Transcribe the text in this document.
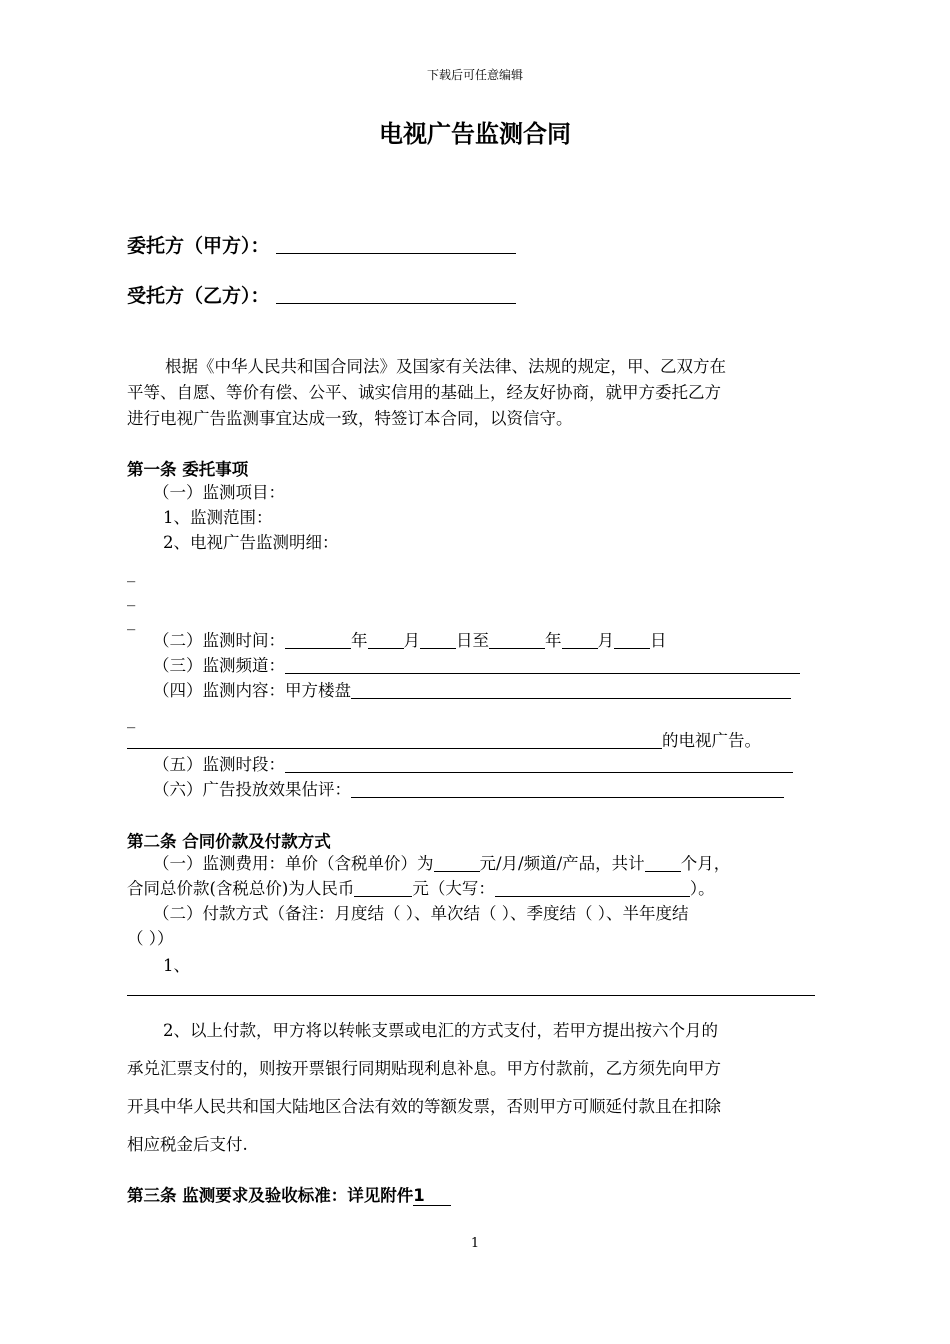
下载后可任意编辑
电视广告监测合同
委托方（甲方）：
受托方（乙方）：
根据《中华人民共和国合同法》及国家有关法律、法规的规定，甲、乙双方在
平等、自愿、等价有偿、公平、诚实信用的基础上，经友好协商，就甲方委托乙方
进行电视广告监测事宜达成一致，特签订本合同，以资信守。
第一条 委托事项
（一）监测项目：
1、监测范围：
2、电视广告监测明细：
_
_
_
（二）监测时间：	年 月 日至	年 月 日
（三）监测频道：
（四）监测内容：甲方楼盘
_
的电视广告。
（五）监测时段：
（六）广告投放效果估评：
第二条 合同价款及付款方式
（一）监测费用：单价（含税单价）为	元/月/频道/产品，共计 个月，
合同总价款(含税总价)为人民币	元（大写：	）。
（二）付款方式（备注：月度结（ ）、单次结（ ）、季度结（ ）、半年度结
（ ））
1、
2、以上付款，甲方将以转帐支票或电汇的方式支付，若甲方提出按六个月的
承兑汇票支付的，则按开票银行同期贴现利息补息。甲方付款前，乙方须先向甲方
开具中华人民共和国大陆地区合法有效的等额发票，否则甲方可顺延付款且在扣除
相应税金后支付.
第三条 监测要求及验收标准：详见附件1
1
